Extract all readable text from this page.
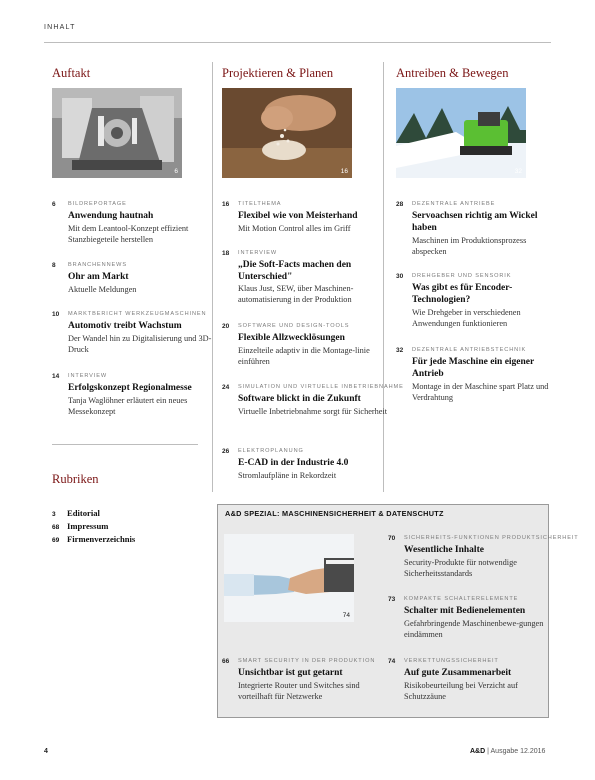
INHALT
Auftakt	Projektieren & Planen	Antreiben & Bewegen
6	16	32
6 BILDREPORTAGE
Anwendung hautnah
Mit dem Leantool-Konzept effizient Stanzbiegeteile herstellen
8 BRANCHENNEWS
Ohr am Markt
Aktuelle Meldungen
10 MARKTBERICHT WERKZEUGMASCHINEN
Automotiv treibt Wachstum
Der Wandel hin zu Digitalisierung und 3D-Druck
14 INTERVIEW
Erfolgskonzept Regionalmesse
Tanja Waglöhner erläutert ein neues Messekonzept
16 TITELTHEMA
Flexibel wie von Meisterhand
Mit Motion Control alles im Griff
18 INTERVIEW
„Die Soft-Facts machen den Unterschied"
Klaus Just, SEW, über Maschinen-automatisierung in der Produktion
20 SOFTWARE UND DESIGN-TOOLS
Flexible Allzwecklösungen
Einzelteile adaptiv in die Montage-linie einführen
24 SIMULATION UND VIRTUELLE INBETRIEBNAHME
Software blickt in die Zukunft
Virtuelle Inbetriebnahme sorgt für Sicherheit
26 ELEKTROPLANUNG
E-CAD in der Industrie 4.0
Stromlaufpläne in Rekordzeit
28 DEZENTRALE ANTRIEBE
Servoachsen richtig am Wickel haben
Maschinen im Produktionsprozess abspecken
30 DREHGEBER UND SENSORIK
Was gibt es für Encoder-Technologien?
Wie Drehgeber in verschiedenen Anwendungen funktionieren
32 DEZENTRALE ANTRIEBSTECHNIK
Für jede Maschine ein eigener Antrieb
Montage in der Maschine spart Platz und Verdrahtung
Rubriken
3 Editorial
68 Impressum
69 Firmenverzeichnis
A&D SPEZIAL: MASCHINENSICHERHEIT & DATENSCHUTZ
74
70 SICHERHEITS-FUNKTIONEN PRODUKTSICHERHEIT
Wesentliche Inhalte
Security-Produkte für notwendige Sicherheitsstandards
73 KOMPAKTE SCHALTERELEMENTE
Schalter mit Bedienelementen
Gefahrbringende Maschinenbewe-gungen eindämmen
74 VERKETTUNGSSICHERHEIT
Auf gute Zusammenarbeit
Risikobeurteilung bei Verzicht auf Schutzzäune
66 SMART SECURITY IN DER PRODUKTION
Unsichtbar ist gut getarnt
Integrierte Router und Switches sind vorteilhaft für Netzwerke
4	A&D | Ausgabe 12.2016
